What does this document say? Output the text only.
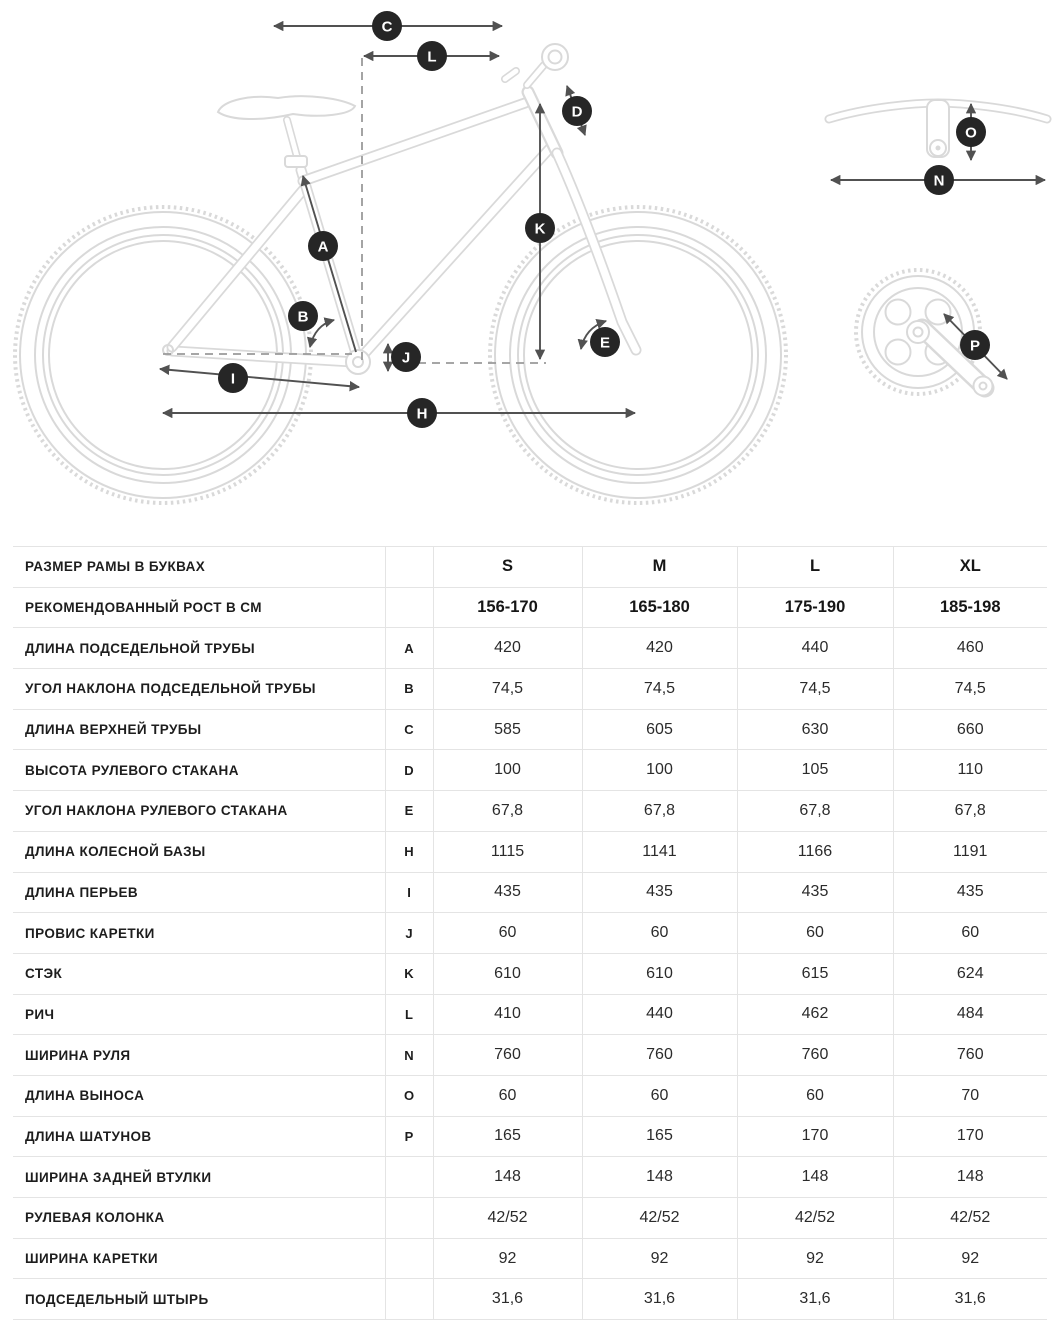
C
L
D
A
B
K
E
J
I
H
N
O
P
РАЗМЕР РАМЫ В БУКВАХ		S	M	L	XL
РЕКОМЕНДОВАННЫЙ РОСТ В СМ		156-170	165-180	175-190	185-198
ДЛИНА ПОДСЕДЕЛЬНОЙ ТРУБЫ	A	420	420	440	460
УГОЛ НАКЛОНА ПОДСЕДЕЛЬНОЙ ТРУБЫ	B	74,5	74,5	74,5	74,5
ДЛИНА ВЕРХНЕЙ ТРУБЫ	C	585	605	630	660
ВЫСОТА РУЛЕВОГО СТАКАНА	D	100	100	105	110
УГОЛ НАКЛОНА РУЛЕВОГО СТАКАНА	E	67,8	67,8	67,8	67,8
ДЛИНА КОЛЕСНОЙ БАЗЫ	H	1115	1141	1166	1191
ДЛИНА ПЕРЬЕВ	I	435	435	435	435
ПРОВИС КАРЕТКИ	J	60	60	60	60
СТЭК	K	610	610	615	624
РИЧ	L	410	440	462	484
ШИРИНА РУЛЯ	N	760	760	760	760
ДЛИНА ВЫНОСА	O	60	60	60	70
ДЛИНА ШАТУНОВ	P	165	165	170	170
ШИРИНА ЗАДНЕЙ ВТУЛКИ		148	148	148	148
РУЛЕВАЯ КОЛОНКА		42/52	42/52	42/52	42/52
ШИРИНА КАРЕТКИ		92	92	92	92
ПОДСЕДЕЛЬНЫЙ ШТЫРЬ		31,6	31,6	31,6	31,6
